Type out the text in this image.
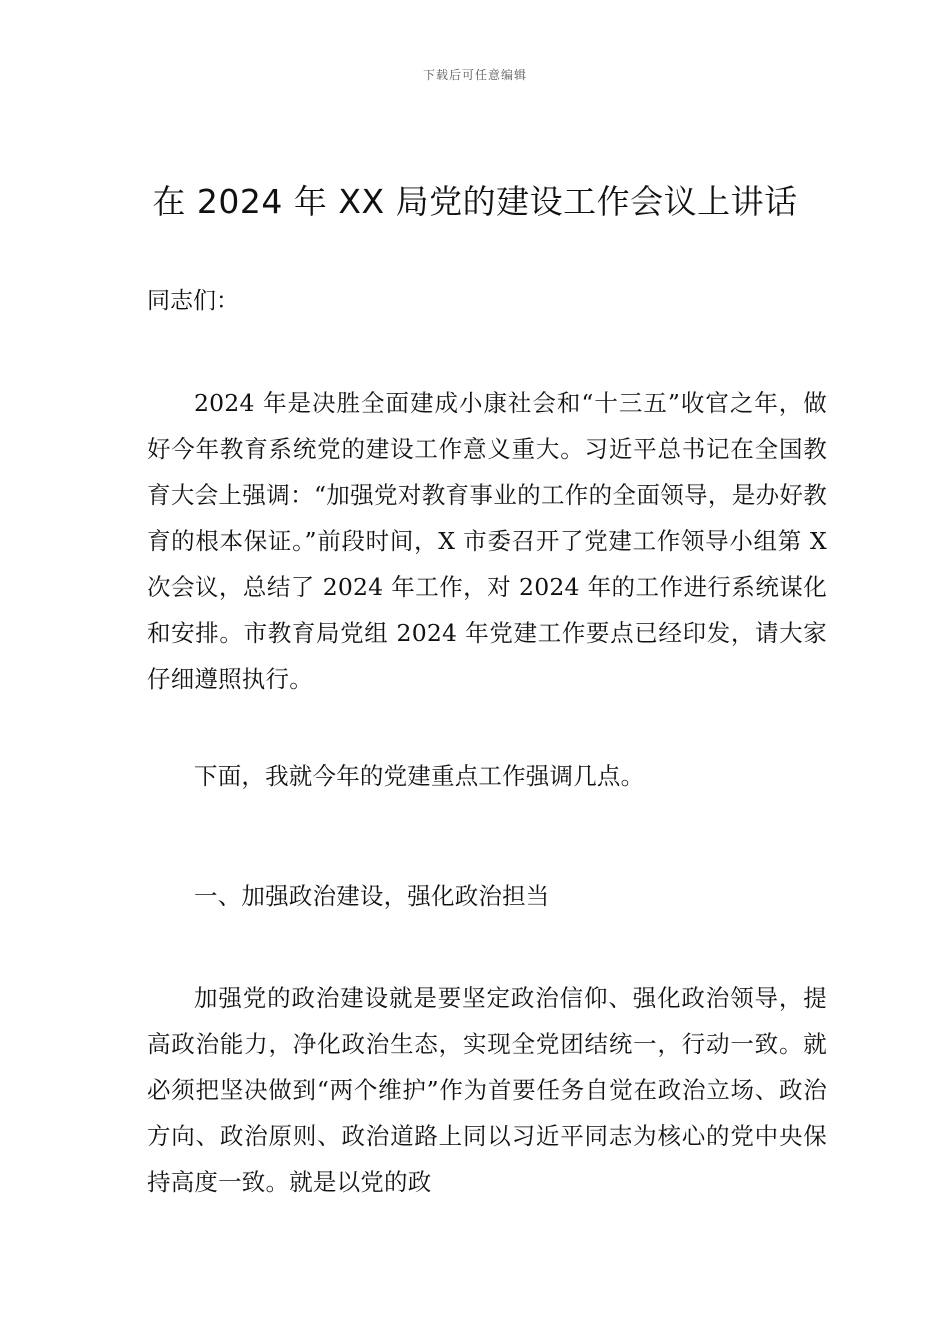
下载后可任意编辑
在 2024 年 XX 局党的建设工作会议上讲话

同志们：

2024 年是决胜全面建成小康社会和“十三五”收官之年，做好今年教育系统党的建设工作意义重大。习近平总书记在全国教育大会上强调：“加强党对教育事业的工作的全面领导，是办好教育的根本保证。”前段时间，X 市委召开了党建工作领导小组第 X 次会议，总结了 2024 年工作，对 2024 年的工作进行系统谋化和安排。市教育局党组 2024 年党建工作要点已经印发，请大家仔细遵照执行。

下面，我就今年的党建重点工作强调几点。

一、加强政治建设，强化政治担当

加强党的政治建设就是要坚定政治信仰、强化政治领导，提高政治能力，净化政治生态，实现全党团结统一，行动一致。就必须把坚决做到“两个维护”作为首要任务自觉在政治立场、政治方向、政治原则、政治道路上同以习近平同志为核心的党中央保持高度一致。就是以党的政
